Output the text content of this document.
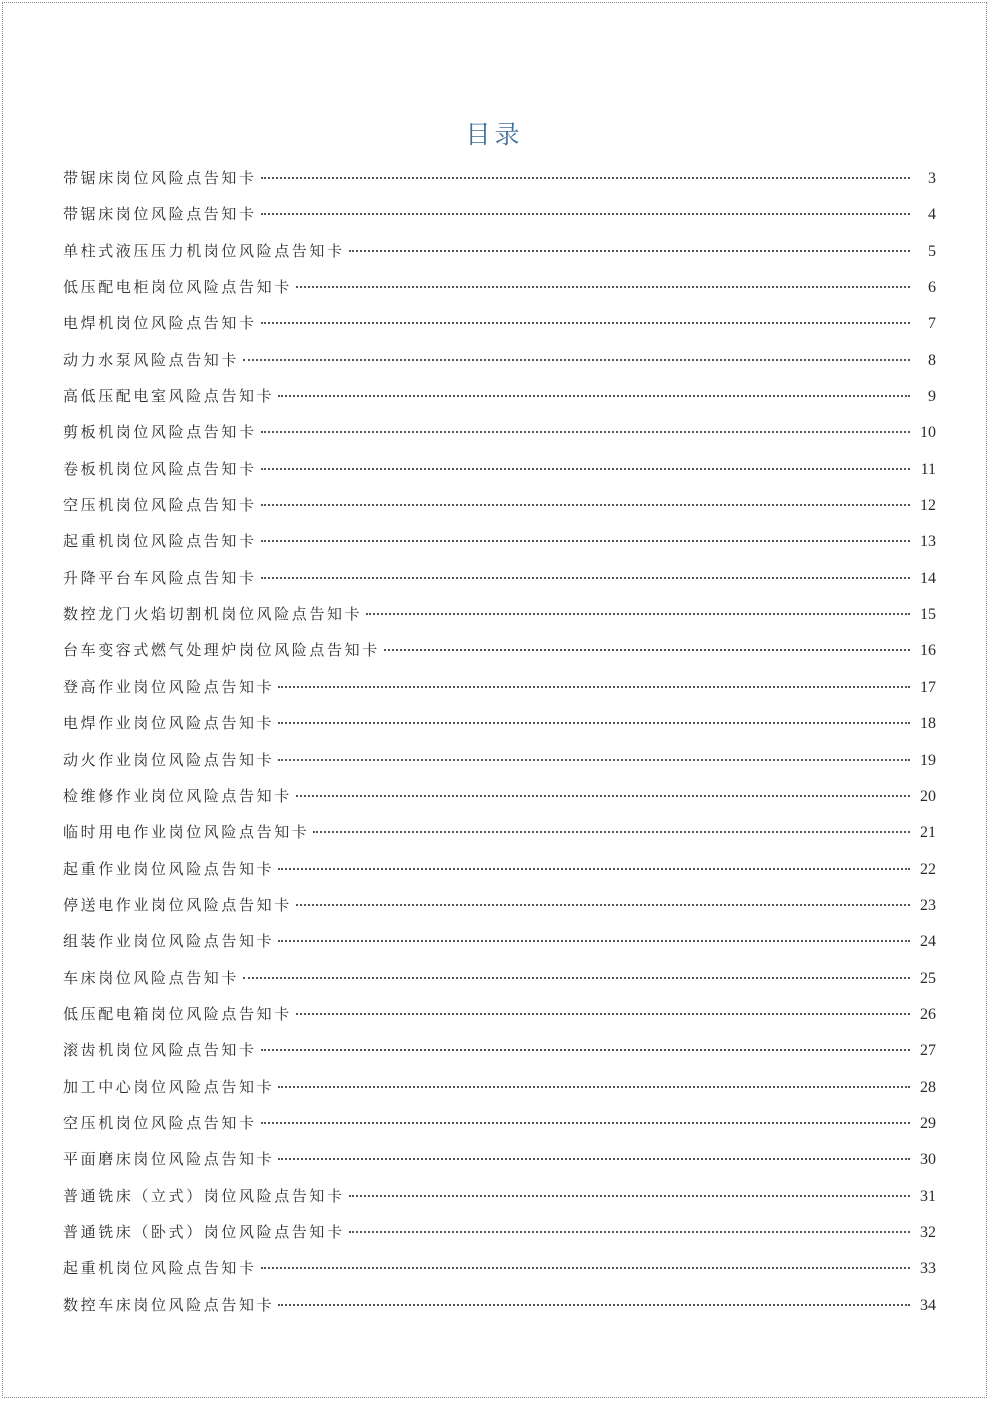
目录
带锯床岗位风险点告知卡	3
带锯床岗位风险点告知卡	4
单柱式液压压力机岗位风险点告知卡	5
低压配电柜岗位风险点告知卡	6
电焊机岗位风险点告知卡	7
动力水泵风险点告知卡	8
高低压配电室风险点告知卡	9
剪板机岗位风险点告知卡	10
卷板机岗位风险点告知卡	11
空压机岗位风险点告知卡	12
起重机岗位风险点告知卡	13
升降平台车风险点告知卡	14
数控龙门火焰切割机岗位风险点告知卡	15
台车变容式燃气处理炉岗位风险点告知卡	16
登高作业岗位风险点告知卡	17
电焊作业岗位风险点告知卡	18
动火作业岗位风险点告知卡	19
检维修作业岗位风险点告知卡	20
临时用电作业岗位风险点告知卡	21
起重作业岗位风险点告知卡	22
停送电作业岗位风险点告知卡	23
组装作业岗位风险点告知卡	24
车床岗位风险点告知卡	25
低压配电箱岗位风险点告知卡	26
滚齿机岗位风险点告知卡	27
加工中心岗位风险点告知卡	28
空压机岗位风险点告知卡	29
平面磨床岗位风险点告知卡	30
普通铣床（立式）岗位风险点告知卡	31
普通铣床（卧式）岗位风险点告知卡	32
起重机岗位风险点告知卡	33
数控车床岗位风险点告知卡	34
